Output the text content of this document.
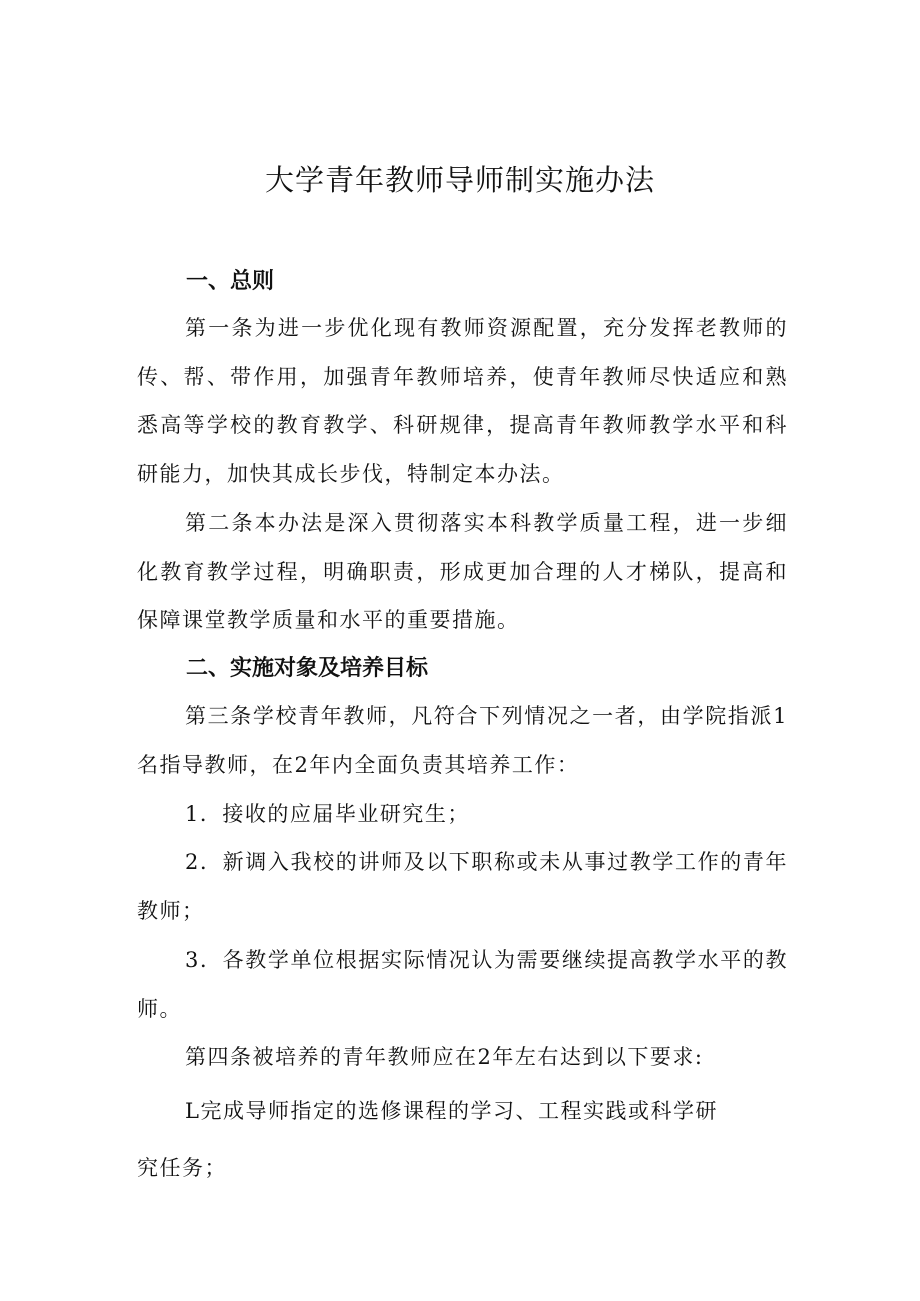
大学青年教师导师制实施办法
一、总则

第一条为进一步优化现有教师资源配置，充分发挥老教师的传、帮、带作用，加强青年教师培养，使青年教师尽快适应和熟悉高等学校的教育教学、科研规律，提高青年教师教学水平和科研能力，加快其成长步伐，特制定本办法。

第二条本办法是深入贯彻落实本科教学质量工程，进一步细化教育教学过程，明确职责，形成更加合理的人才梯队，提高和保障课堂教学质量和水平的重要措施。

二、实施对象及培养目标

第三条学校青年教师，凡符合下列情况之一者，由学院指派1名指导教师，在2年内全面负责其培养工作：

1．接收的应届毕业研究生；

2．新调入我校的讲师及以下职称或未从事过教学工作的青年教师；

3．各教学单位根据实际情况认为需要继续提高教学水平的教师。

第四条被培养的青年教师应在2年左右达到以下要求:

L完成导师指定的选修课程的学习、工程实践或科学研究任务；
